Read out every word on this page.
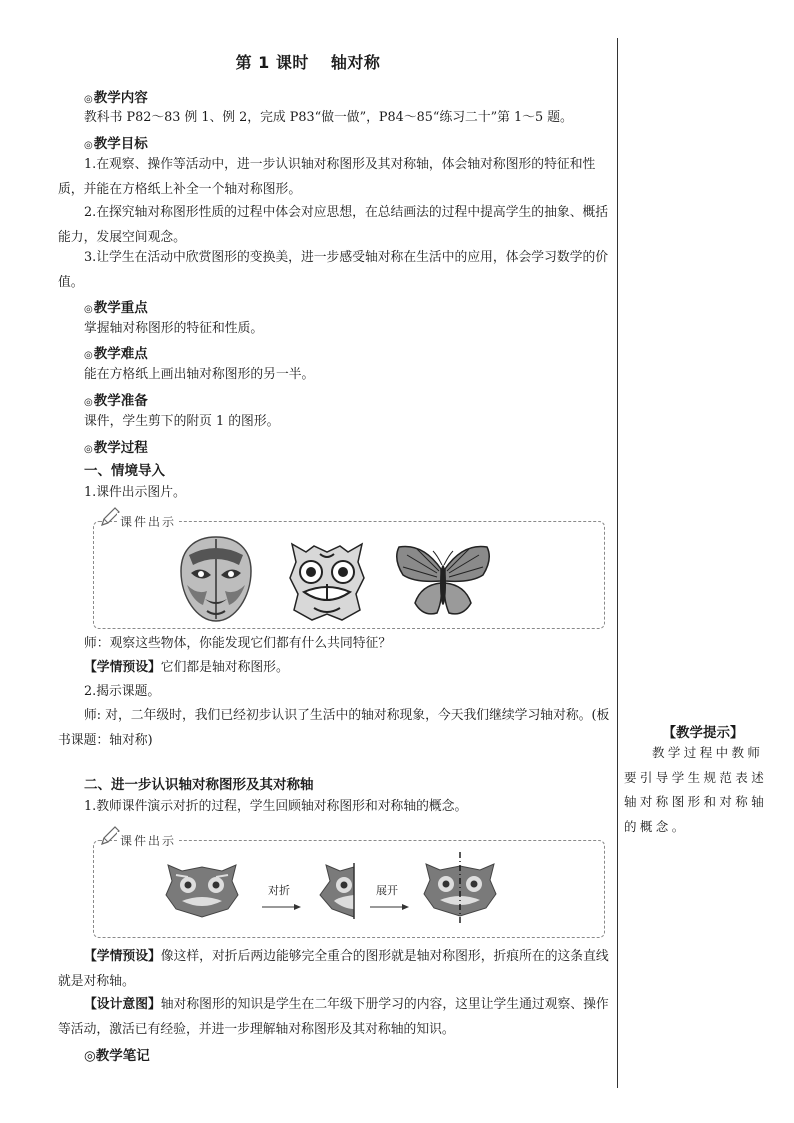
第 1 课时 轴对称
◎教学内容
教科书 P82～83 例 1、例 2，完成 P83“做一做”，P84～85“练习二十”第 1～5 题。
◎教学目标
1.在观察、操作等活动中，进一步认识轴对称图形及其对称轴，体会轴对称图形的特征和性质，并能在方格纸上补全一个轴对称图形。
2.在探究轴对称图形性质的过程中体会对应思想，在总结画法的过程中提高学生的抽象、概括能力，发展空间观念。
3.让学生在活动中欣赏图形的变换美，进一步感受轴对称在生活中的应用，体会学习数学的价值。
◎教学重点
掌握轴对称图形的特征和性质。
◎教学难点
能在方格纸上画出轴对称图形的另一半。
◎教学准备
课件，学生剪下的附页 1 的图形。
◎教学过程
一、情境导入
1.课件出示图片。
课件出示
师：观察这些物体，你能发现它们都有什么共同特征？
【学情预设】它们都是轴对称图形。
2.揭示课题。
师: 对，二年级时，我们已经初步认识了生活中的轴对称现象，今天我们继续学习轴对称。(板书课题：轴对称)
二、进一步认识轴对称图形及其对称轴
1.教师课件演示对折的过程，学生回顾轴对称图形和对称轴的概念。
课件出示
对折	展开
【学情预设】像这样，对折后两边能够完全重合的图形就是轴对称图形，折痕所在的这条直线就是对称轴。
【设计意图】轴对称图形的知识是学生在二年级下册学习的内容，这里让学生通过观察、操作等活动，激活已有经验，并进一步理解轴对称图形及其对称轴的知识。
◎教学笔记
【教学提示】
教学过程中教师要引导学生规范表述轴对称图形和对称轴的概念。
